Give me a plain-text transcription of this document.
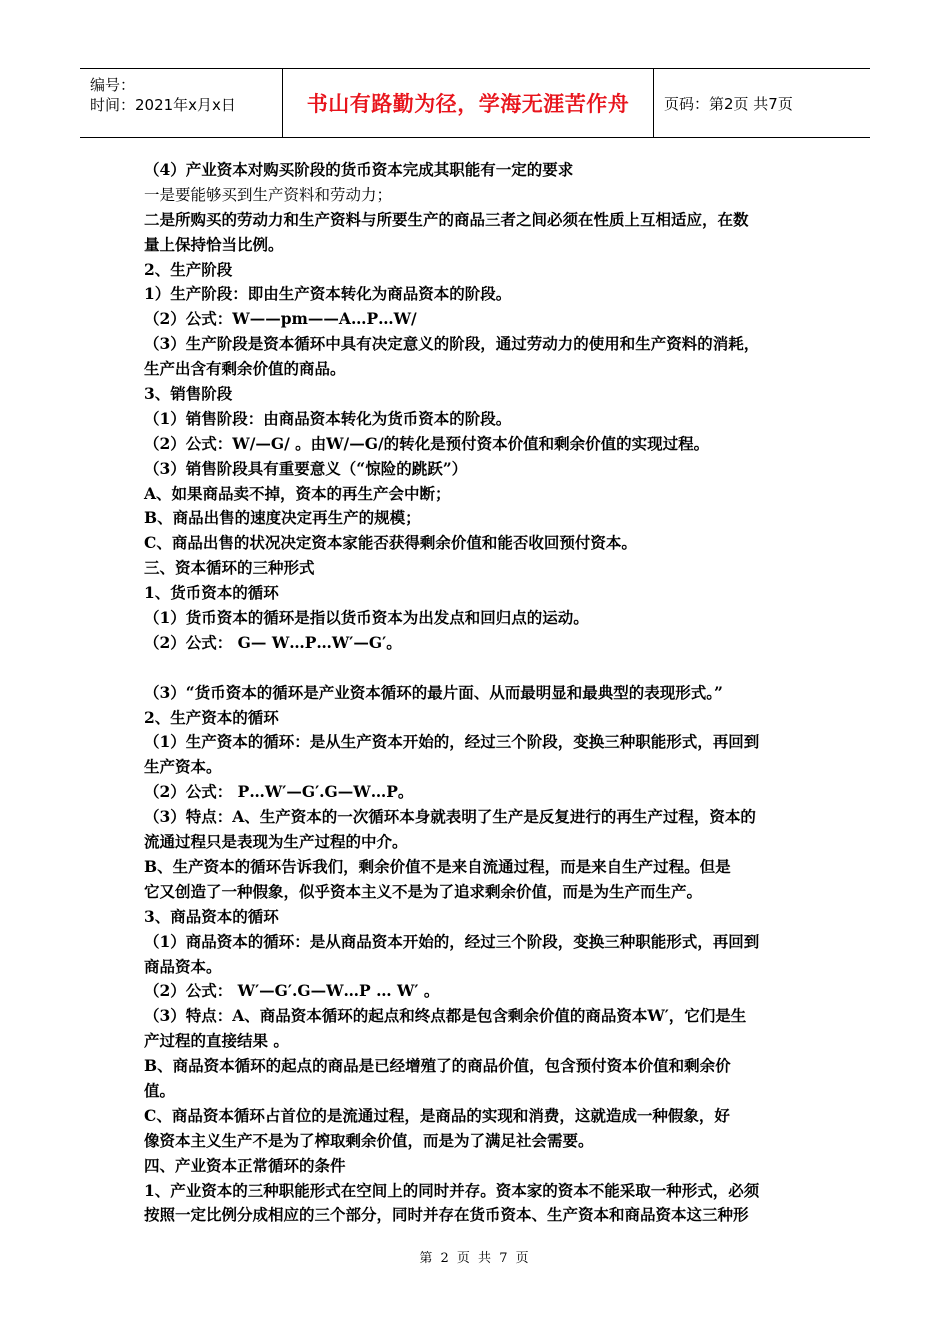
编号：
时间：2021年x月x日	书山有路勤为径，学海无涯苦作舟	页码：第2页 共7页
（4）产业资本对购买阶段的货币资本完成其职能有一定的要求
一是要能够买到生产资料和劳动力；
二是所购买的劳动力和生产资料与所要生产的商品三者之间必须在性质上互相适应，在数
量上保持恰当比例。
2、生产阶段
1）生产阶段：即由生产资本转化为商品资本的阶段。
（2）公式：W——pm——A…P…W/
（3）生产阶段是资本循环中具有决定意义的阶段，通过劳动力的使用和生产资料的消耗，
生产出含有剩余价值的商品。
3、销售阶段
（1）销售阶段：由商品资本转化为货币资本的阶段。
（2）公式：W/—G/ 。由W/—G/的转化是预付资本价值和剩余价值的实现过程。
（3）销售阶段具有重要意义（“惊险的跳跃”）
A、如果商品卖不掉，资本的再生产会中断；
B、商品出售的速度决定再生产的规模；
C、商品出售的状况决定资本家能否获得剩余价值和能否收回预付资本。
三、资本循环的三种形式
1、货币资本的循环
（1）货币资本的循环是指以货币资本为出发点和回归点的运动。
（2）公式： G— W…P…W′—G′。
（3）“货币资本的循环是产业资本循环的最片面、从而最明显和最典型的表现形式。”
2、生产资本的循环
（1）生产资本的循环：是从生产资本开始的，经过三个阶段，变换三种职能形式，再回到
生产资本。
（2）公式： P…W′—G′.G—W…P。
（3）特点：A、生产资本的一次循环本身就表明了生产是反复进行的再生产过程，资本的
流通过程只是表现为生产过程的中介。
B、生产资本的循环告诉我们，剩余价值不是来自流通过程，而是来自生产过程。但是
它又创造了一种假象，似乎资本主义不是为了追求剩余价值，而是为生产而生产。
3、商品资本的循环
（1）商品资本的循环：是从商品资本开始的，经过三个阶段，变换三种职能形式，再回到
商品资本。
（2）公式： W′—G′.G—W…P … W′ 。
（3）特点：A、商品资本循环的起点和终点都是包含剩余价值的商品资本W′，它们是生
产过程的直接结果 。
B、商品资本循环的起点的商品是已经增殖了的商品价值，包含预付资本价值和剩余价
值。
C、商品资本循环占首位的是流通过程，是商品的实现和消费，这就造成一种假象，好
像资本主义生产不是为了榨取剩余价值，而是为了满足社会需要。
四、产业资本正常循环的条件
1、产业资本的三种职能形式在空间上的同时并存。资本家的资本不能采取一种形式，必须
按照一定比例分成相应的三个部分，同时并存在货币资本、生产资本和商品资本这三种形
第 2 页 共 7 页
